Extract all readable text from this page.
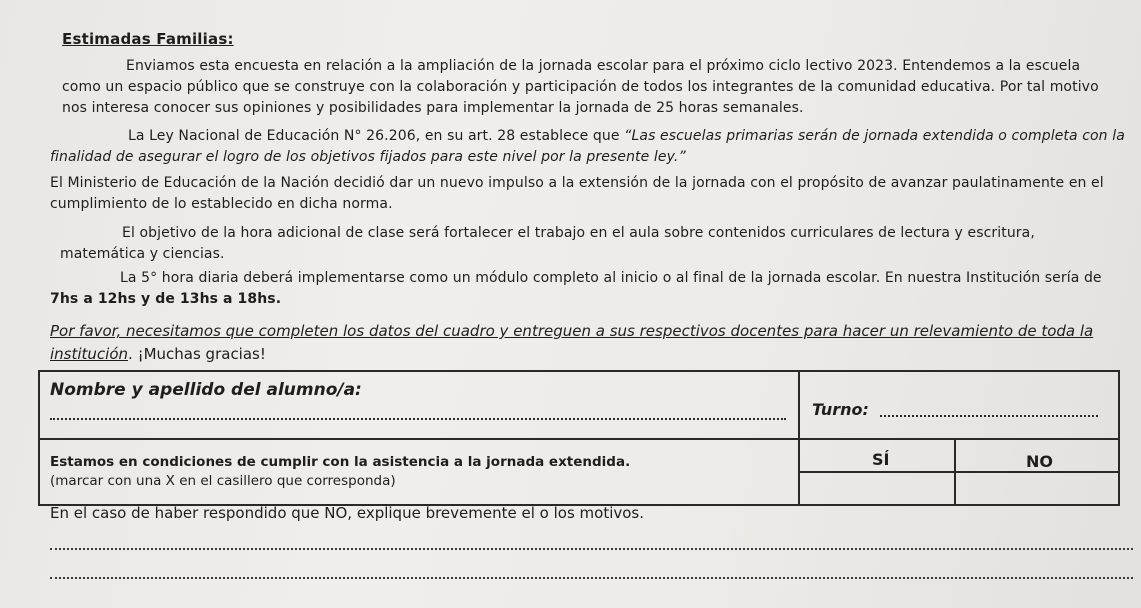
Estimadas Familias:
Enviamos esta encuesta en relación a la ampliación de la jornada escolar para el próximo ciclo lectivo 2023. Entendemos a la escuela como un espacio público que se construye con la colaboración y participación de todos los integrantes de la comunidad educativa. Por tal motivo nos interesa conocer sus opiniones y posibilidades para implementar la jornada de 25 horas semanales.
La Ley Nacional de Educación N° 26.206, en su art. 28 establece que “Las escuelas primarias serán de jornada extendida o completa con la finalidad de asegurar el logro de los objetivos fijados para este nivel por la presente ley.”
El Ministerio de Educación de la Nación decidió dar un nuevo impulso a la extensión de la jornada con el propósito de avanzar paulatinamente en el cumplimiento de lo establecido en dicha norma.
El objetivo de la hora adicional de clase será fortalecer el trabajo en el aula sobre contenidos curriculares de lectura y escritura, matemática y ciencias.
La 5° hora diaria deberá implementarse como un módulo completo al inicio o al final de la jornada escolar. En nuestra Institución sería de 7hs a 12hs y de 13hs a 18hs.
Por favor, necesitamos que completen los datos del cuadro y entreguen a sus respectivos docentes para hacer un relevamiento de toda la institución. ¡Muchas gracias!
Nombre y apellido del alumno/a:
Turno:
Estamos en condiciones de cumplir con la asistencia a la jornada extendida.
(marcar con una X en el casillero que corresponda)
SÍ	NO
En el caso de haber respondido que NO, explique brevemente el o los motivos.
